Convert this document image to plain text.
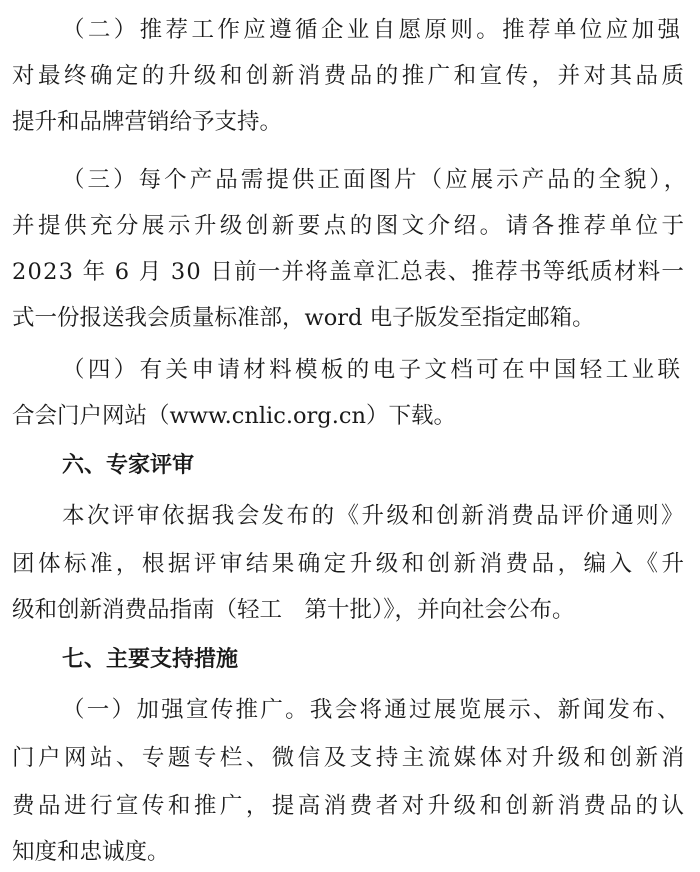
（二）推荐工作应遵循企业自愿原则。推荐单位应加强
对最终确定的升级和创新消费品的推广和宣传，并对其品质
提升和品牌营销给予支持。
（三）每个产品需提供正面图片（应展示产品的全貌），
并提供充分展示升级创新要点的图文介绍。请各推荐单位于
2023 年 6 月 30 日前一并将盖章汇总表、推荐书等纸质材料一
式一份报送我会质量标准部，word 电子版发至指定邮箱。
（四）有关申请材料模板的电子文档可在中国轻工业联
合会门户网站（www.cnlic.org.cn）下载。
六、专家评审
本次评审依据我会发布的《升级和创新消费品评价通则》
团体标准，根据评审结果确定升级和创新消费品，编入《升
级和创新消费品指南（轻工　第十批）》，并向社会公布。
七、主要支持措施
（一）加强宣传推广。我会将通过展览展示、新闻发布、
门户网站、专题专栏、微信及支持主流媒体对升级和创新消
费品进行宣传和推广，提高消费者对升级和创新消费品的认
知度和忠诚度。
